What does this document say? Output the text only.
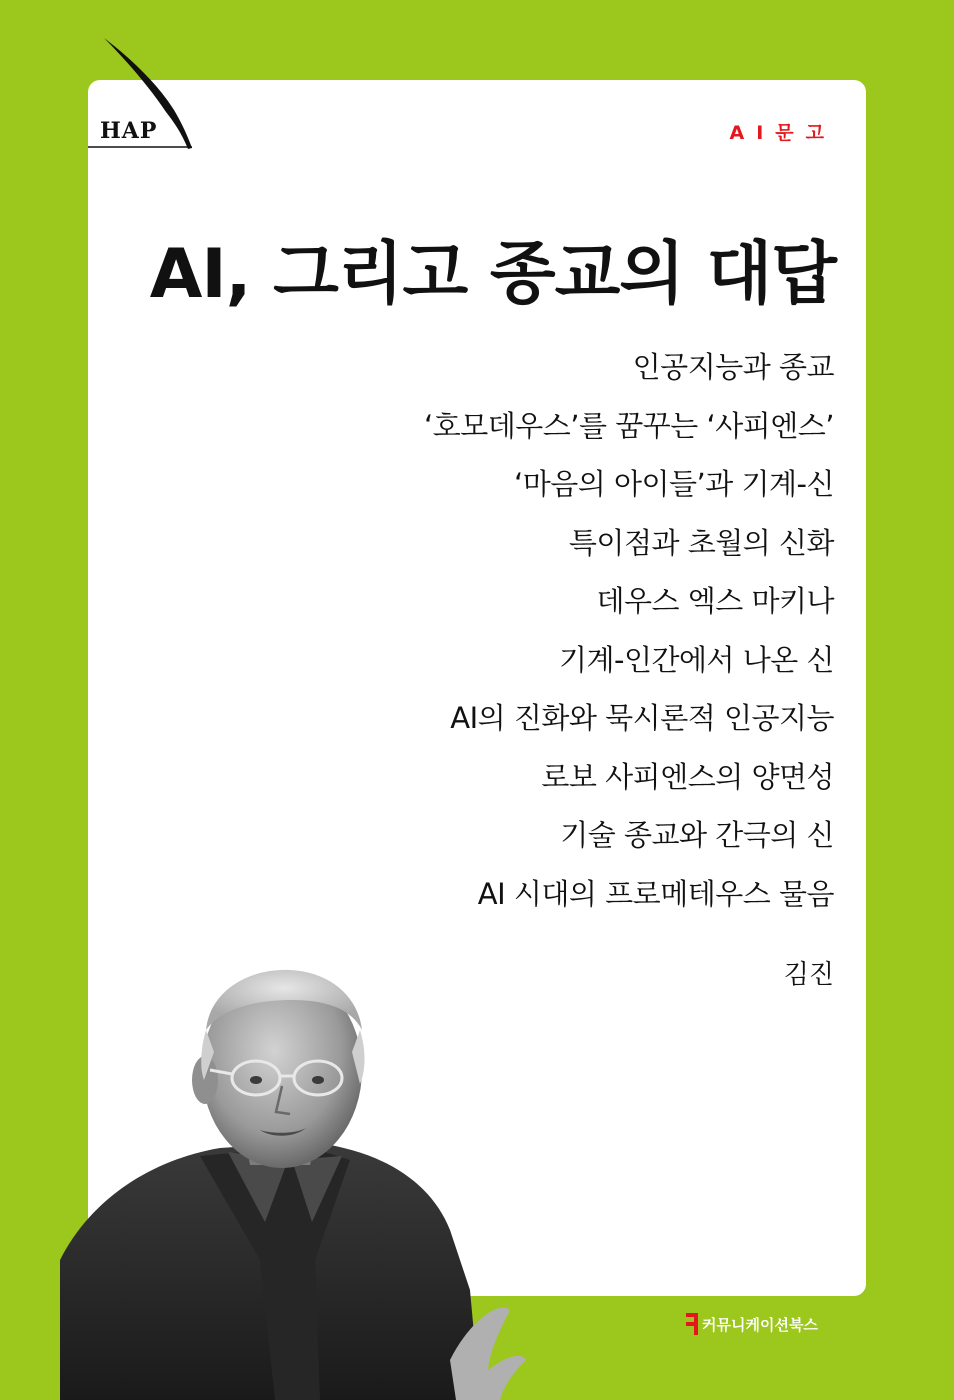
HAP	AI문고
AI, 그리고 종교의 대답
인공지능과 종교
‘호모데우스’를 꿈꾸는 ‘사피엔스’
‘마음의 아이들’과 기계-신
특이점과 초월의 신화
데우스 엑스 마키나
기계-인간에서 나온 신
AI의 진화와 묵시론적 인공지능
로보 사피엔스의 양면성
기술 종교와 간극의 신
AI 시대의 프로메테우스 물음
김진
커뮤니케이션북스
